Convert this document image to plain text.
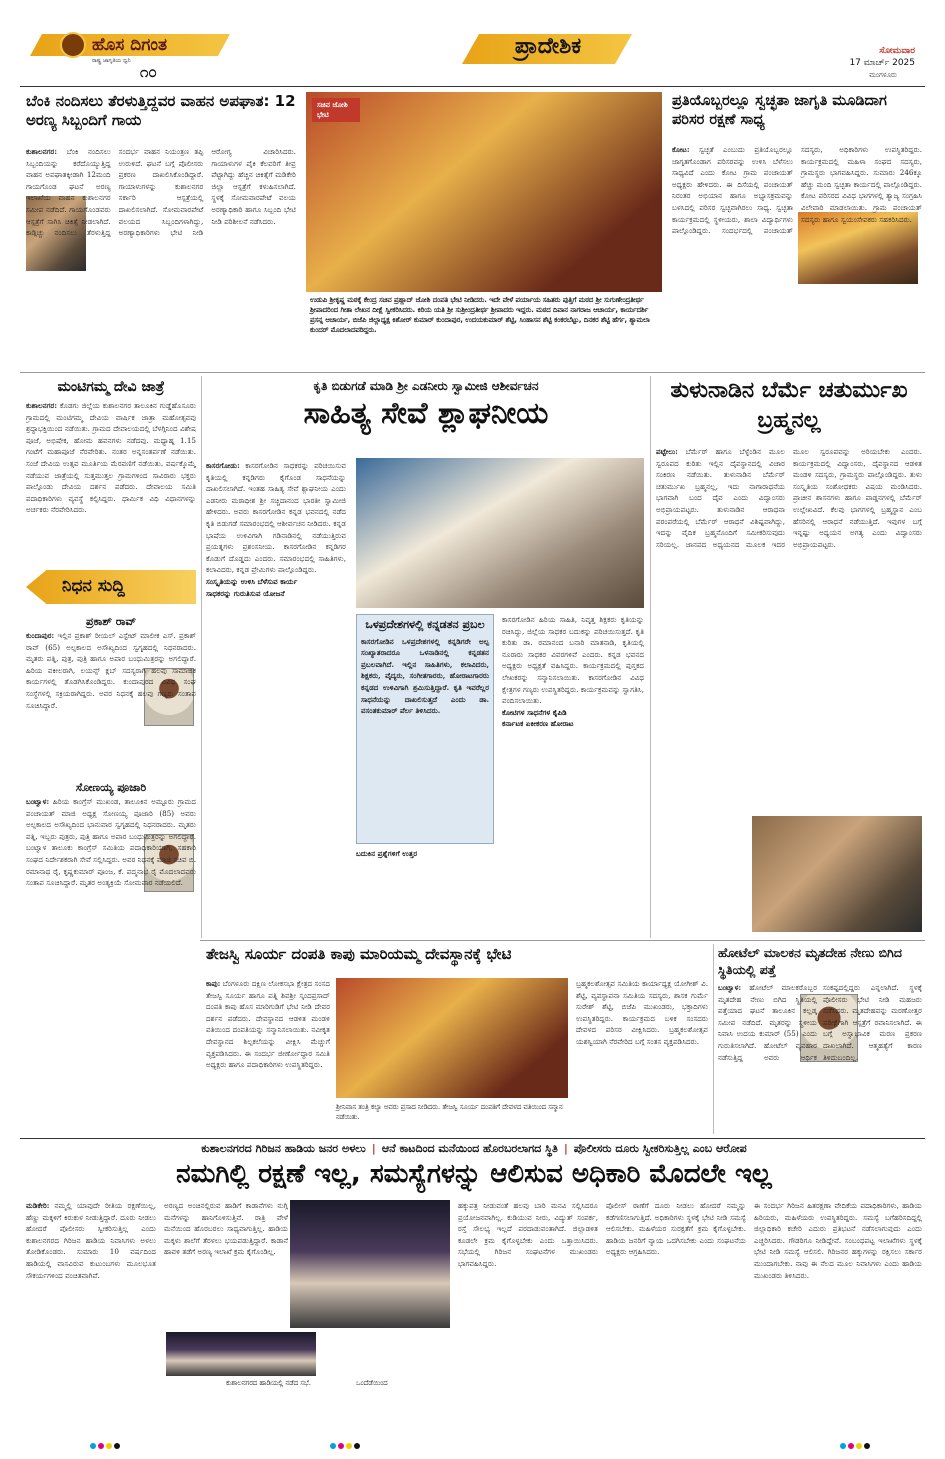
ಹೊಸ ದಿಗಂತ
ರಾಷ್ಟ್ರ ಜಾಗೃತಿಯ ಧ್ವನಿ
೧೦
ಪ್ರಾದೇಶಿಕ	ಸೋಮವಾರ
17 ಮಾರ್ಚ್ 2025
ಮಂಗಳೂರು
ಬೆಂಕಿ ನಂದಿಸಲು ತೆರಳುತ್ತಿದ್ದವರ ವಾಹನ ಅಪಘಾತ: 12 ಅರಣ್ಯ ಸಿಬ್ಬಂದಿಗೆ ಗಾಯ
ಕುಶಾಲನಗರ: ಬೆಂಕಿ ನಂದಿಸಲು ಸಿಬ್ಬಂದಿಯನ್ನು ಕರೆದೊಯ್ಯುತ್ತಿದ್ದ ವಾಹನ ಅಪಘಾತಕ್ಕೀಡಾಗಿ 12ಮಂದಿ ಗಾಯಗೊಂಡ ಘಟನೆ ಅರಣ್ಯ ಇಲಾಖೆಯ ವಾಹನ ಕುಶಾಲನಗರ ಸಮೀಪ ನಡೆದಿದೆ. ಗಾಯಗೊಂಡವರು ಆಸ್ಪತ್ರೆಗೆ ಸಾಗಿಸಿ ಚಿಕಿತ್ಸೆ ನೀಡಲಾಗಿದೆ. ಕಾಡ್ಗಿಚ್ಚು ನಂದಿಸಲು ತೆರಳುತ್ತಿದ್ದ ಸಂದರ್ಭ ವಾಹನ ನಿಯಂತ್ರಣ ತಪ್ಪಿ ಉರುಳಿದೆ. ಘಟನೆ ಬಗ್ಗೆ ಪೊಲೀಸರು ಪ್ರಕರಣ ದಾಖಲಿಸಿಕೊಂಡಿದ್ದಾರೆ. ಗಾಯಾಳುಗಳನ್ನು ಕುಶಾಲನಗರ ಸರ್ಕಾರಿ ಆಸ್ಪತ್ರೆಯಲ್ಲಿ ದಾಖಲಿಸಲಾಗಿದೆ. ಸೋಮವಾರಪೇಟೆ ವಲಯದ ಸಿಬ್ಬಂದಿಗಳಾಗಿದ್ದು, ಅರಣ್ಯಾಧಿಕಾರಿಗಳು ಭೇಟಿ ನೀಡಿ ಆರೋಗ್ಯ ವಿಚಾರಿಸಿದರು. ಗಾಯಾಳುಗಳ ಪೈಕಿ ಕೆಲವರಿಗೆ ತೀವ್ರ ಪೆಟ್ಟಾಗಿದ್ದು ಹೆಚ್ಚಿನ ಚಿಕಿತ್ಸೆಗೆ ಮಡಿಕೇರಿ ಜಿಲ್ಲಾ ಆಸ್ಪತ್ರೆಗೆ ಕಳುಹಿಸಲಾಗಿದೆ. ಸ್ಥಳಕ್ಕೆ ಸೋಮವಾರಪೇಟೆ ವಲಯ ಅರಣ್ಯಾಧಿಕಾರಿ ಹಾಗೂ ಸಿಬ್ಬಂದಿ ಭೇಟಿ ನೀಡಿ ಪರಿಶೀಲನೆ ನಡೆಸಿದರು.
ಸಚಿವ ಜೋಶಿ ಭೇಟಿ
ಉಡುಪಿ ಶ್ರೀಕೃಷ್ಣ ಮಠಕ್ಕೆ ಕೇಂದ್ರ ಸಚಿವ ಪ್ರಹ್ಲಾದ್ ಜೋಶಿ ದಂಪತಿ ಭೇಟಿ ನೀಡಿದರು. ಇದೇ ವೇಳೆ ಪರ್ಯಾಯ ಸಹಿತರು ಪುತ್ತಿಗೆ ಮಠದ ಶ್ರೀ ಸುಗುಣೇಂದ್ರತೀರ್ಥ ಶ್ರೀಪಾದರಿಂದ ಗೀತಾ ಲೇಖನ ದೀಕ್ಷೆ ಸ್ವೀಕರಿಸಿದರು. ಕಿರಿಯ ಯತಿ ಶ್ರೀ ಸುಶ್ರೀಂದ್ರತೀರ್ಥ ಶ್ರೀಪಾದರು ಇದ್ದರು. ಮಠದ ದಿವಾನ ನಾಗರಾಜ ಆಚಾರ್ಯ, ಕಾರ್ಯದರ್ಶಿ ಪ್ರಸನ್ನ ಆಚಾರ್ಯ, ಬಿಜೆಪಿ ಜಿಲ್ಲಾಧ್ಯಕ್ಷ ಕಿಶೋರ್ ಕುಮಾರ್ ಕುಂದಾಪುರ, ಉದಯಕುಮಾರ್ ಶೆಟ್ಟಿ, ಸಿಂಹಾಸನ ಶೆಟ್ಟಿ ಕಂಕರಬೆಟ್ಟು, ದಿನಕರ ಶೆಟ್ಟಿ ಹೆರ್ಗ, ಶ್ಯಾಮಲಾ ಕುಂದರ್ ಮೊದಲಾದವರಿದ್ದರು.
ಪ್ರತಿಯೊಬ್ಬರಲ್ಲೂ ಸ್ವಚ್ಛತಾ ಜಾಗೃತಿ ಮೂಡಿದಾಗ ಪರಿಸರ ರಕ್ಷಣೆ ಸಾಧ್ಯ
ಕೋಟ: ಸ್ವಚ್ಛತೆ ಎಂಬುದು ಪ್ರತಿಯೊಬ್ಬರಲ್ಲೂ ಜಾಗೃತಗೊಂಡಾಗ ಪರಿಸರವನ್ನು ಉಳಿಸಿ ಬೆಳೆಸಲು ಸಾಧ್ಯವಿದೆ ಎಂದು ಕೋಟ ಗ್ರಾಮ ಪಂಚಾಯತ್ ಅಧ್ಯಕ್ಷರು ಹೇಳಿದರು. ಈ ದಿಸೆಯಲ್ಲಿ ಪಂಚಾಯತ್ ನಿರಂತರ ಅಭಿಯಾನ ಹಾಗೂ ಅಭ್ಯಾಸಕ್ರಮವನ್ನು ಬಳಸಿದಲ್ಲಿ ಪರಿಸರ ಸ್ವಚ್ಛವಾಗಿರಲು ಸಾಧ್ಯ. ಸ್ವಚ್ಛತಾ ಕಾರ್ಯಕ್ರಮದಲ್ಲಿ ಸ್ಥಳೀಯರು, ಶಾಲಾ ವಿದ್ಯಾರ್ಥಿಗಳು ಪಾಲ್ಗೊಂಡಿದ್ದರು. ಸಂದರ್ಭದಲ್ಲಿ ಪಂಚಾಯತ್ ಸದಸ್ಯರು, ಅಧಿಕಾರಿಗಳು ಉಪಸ್ಥಿತರಿದ್ದರು. ಕಾರ್ಯಕ್ರಮದಲ್ಲಿ ಮಹಿಳಾ ಸಂಘದ ಸದಸ್ಯರು, ಗ್ರಾಮಸ್ಥರು ಭಾಗವಹಿಸಿದ್ದರು. ಸುಮಾರು 246ಕ್ಕೂ ಹೆಚ್ಚು ಮಂದಿ ಸ್ವಚ್ಛತಾ ಕಾರ್ಯದಲ್ಲಿ ಪಾಲ್ಗೊಂಡಿದ್ದರು. ಕೋಟ ಪರಿಸರದ ವಿವಿಧ ಭಾಗಗಳಲ್ಲಿ ತ್ಯಾಜ್ಯ ಸಂಗ್ರಹಿಸಿ ವಿಲೇವಾರಿ ಮಾಡಲಾಯಿತು. ಗ್ರಾಮ ಪಂಚಾಯತ್ ಸದಸ್ಯರು ಹಾಗೂ ಸ್ವಯಂಸೇವಕರು ಸಹಕರಿಸಿದರು.
ಮಂಟಿಗಮ್ಮ ದೇವಿ ಜಾತ್ರೆ
ಕುಶಾಲನಗರ: ಕೊಡಗು ಜಿಲ್ಲೆಯ ಕುಶಾಲನಗರ ತಾಲೂಕಿನ ಗುಡ್ಡೆಹೊಸೂರು ಗ್ರಾಮದಲ್ಲಿ ಮಂಟಿಗಮ್ಮ ದೇವಿಯ ವಾರ್ಷಿಕ ಜಾತ್ರಾ ಮಹೋತ್ಸವವು ಶ್ರದ್ಧಾಭಕ್ತಿಯಿಂದ ನಡೆಯಿತು. ಗ್ರಾಮದ ದೇವಾಲಯದಲ್ಲಿ ಬೆಳಗ್ಗಿನಿಂದ ವಿಶೇಷ ಪೂಜೆ, ಅಭಿಷೇಕ, ಹೋಮ ಹವನಗಳು ನಡೆದವು. ಮಧ್ಯಾಹ್ನ 1.15 ಗಂಟೆಗೆ ಮಹಾಪೂಜೆ ನೆರವೇರಿತು. ನಂತರ ಅನ್ನಸಂತರ್ಪಣೆ ನಡೆಯಿತು. ಸಂಜೆ ದೇವಿಯ ಉತ್ಸವ ಮೂರ್ತಿಯ ಮೆರವಣಿಗೆ ನಡೆಯಿತು. ವರ್ಷಕ್ಕೊಮ್ಮೆ ನಡೆಯುವ ಜಾತ್ರೆಯಲ್ಲಿ ಸುತ್ತಮುತ್ತಲ ಗ್ರಾಮಗಳಿಂದ ಸಾವಿರಾರು ಭಕ್ತರು ಪಾಲ್ಗೊಂಡು ದೇವಿಯ ದರ್ಶನ ಪಡೆದರು. ದೇವಾಲಯ ಸಮಿತಿ ಪದಾಧಿಕಾರಿಗಳು ವ್ಯವಸ್ಥೆ ಕಲ್ಪಿಸಿದ್ದರು. ಧಾರ್ಮಿಕ ವಿಧಿ ವಿಧಾನಗಳನ್ನು ಅರ್ಚಕರು ನೆರವೇರಿಸಿದರು.
ನಿಧನ ಸುದ್ದಿ
ಪ್ರಕಾಶ್ ರಾವ್
ಕುಂದಾಪುರ: ಇಲ್ಲಿನ ಪ್ರಕಾಶ್ ರೀಯಲ್ ಎಸ್ಟೇಟ್ ಮಾಲೀಕ ಎಸ್. ಪ್ರಕಾಶ್ ರಾವ್ (65) ಅಲ್ಪಕಾಲದ ಅಸೌಖ್ಯದಿಂದ ಸ್ವಗೃಹದಲ್ಲಿ ನಿಧನರಾದರು. ಮೃತರು ಪತ್ನಿ, ಪುತ್ರ, ಪುತ್ರಿ ಹಾಗೂ ಅಪಾರ ಬಂಧುಮಿತ್ರರನ್ನು ಅಗಲಿದ್ದಾರೆ. ಹಿರಿಯ ವಕೀಲರಾಗಿ, ಲಯನ್ಸ್ ಕ್ಲಬ್ ಸದಸ್ಯರಾಗಿ ಹಲವು ಸಾಮಾಜಿಕ ಕಾರ್ಯಗಳಲ್ಲಿ ತೊಡಗಿಸಿಕೊಂಡಿದ್ದರು. ಕುಂದಾಪುರದ ವಿವಿಧ ಸಂಘ ಸಂಸ್ಥೆಗಳಲ್ಲಿ ಸಕ್ರಿಯರಾಗಿದ್ದರು. ಅವರ ನಿಧನಕ್ಕೆ ಹಲವು ಗಣ್ಯರು ಸಂತಾಪ ಸೂಚಿಸಿದ್ದಾರೆ.
ಸೋಣಯ್ಯ ಪೂಜಾರಿ
ಬಂಟ್ವಾಳ: ಹಿರಿಯ ಕಾಂಗ್ರೆಸ್ ಮುಖಂಡ, ತಾಲೂಕಿನ ಅಮ್ಟೂರು ಗ್ರಾಮದ ಪಂಚಾಯತ್ ಮಾಜಿ ಅಧ್ಯಕ್ಷ ಸೋಣಯ್ಯ ಪೂಜಾರಿ (85) ಅವರು ಅಲ್ಪಕಾಲದ ಅಸೌಖ್ಯದಿಂದ ಭಾನುವಾರ ಸ್ವಗೃಹದಲ್ಲಿ ನಿಧನರಾದರು. ಮೃತರು ಪತ್ನಿ, ಇಬ್ಬರು ಪುತ್ರರು, ಪುತ್ರಿ ಹಾಗೂ ಅಪಾರ ಬಂಧುಮಿತ್ರರನ್ನು ಅಗಲಿದ್ದಾರೆ. ಬಂಟ್ವಾಳ ತಾಲೂಕು ಕಾಂಗ್ರೆಸ್ ಸಮಿತಿಯ ಪದಾಧಿಕಾರಿಯಾಗಿ, ಸಹಕಾರಿ ಸಂಘದ ನಿರ್ದೇಶಕರಾಗಿ ಸೇವೆ ಸಲ್ಲಿಸಿದ್ದರು. ಅವರ ನಿಧನಕ್ಕೆ ಮಾಜಿ ಸಚಿವ ಬಿ. ರಮಾನಾಥ ರೈ, ಕೃಷ್ಣಕುಮಾರ್ ಪೂಂಜ, ಕೆ. ಪದ್ಮನಾಭ ರೈ ಮೊದಲಾದವರು ಸಂತಾಪ ಸೂಚಿಸಿದ್ದಾರೆ. ಮೃತರ ಅಂತ್ಯಕ್ರಿಯೆ ಸೋಮವಾರ ನಡೆಯಲಿದೆ.
ಕೃತಿ ಬಿಡುಗಡೆ ಮಾಡಿ ಶ್ರೀ ಎಡನೀರು ಸ್ವಾಮೀಜಿ ಆಶೀರ್ವಚನ
ಸಾಹಿತ್ಯ ಸೇವೆ ಶ್ಲಾಘನೀಯ
ಕಾಸರಗೋಡು: ಕಾಸರಗೋಡಿನ ಸಾಧಕರನ್ನು ಪರಿಚಯಿಸುವ ಕೃತಿಯಲ್ಲಿ ಕನ್ನಡಿಗರು ಕೈಗೊಂಡ ಸಾಧನೆಯನ್ನು ದಾಖಲಿಸಲಾಗಿದೆ. ಇಂತಹ ಸಾಹಿತ್ಯ ಸೇವೆ ಶ್ಲಾಘನೀಯ ಎಂದು ಎಡನೀರು ಮಠಾಧೀಶ ಶ್ರೀ ಸಚ್ಚಿದಾನಂದ ಭಾರತೀ ಸ್ವಾಮೀಜಿ ಹೇಳಿದರು. ಅವರು ಕಾಸರಗೋಡಿನ ಕನ್ನಡ ಭವನದಲ್ಲಿ ನಡೆದ ಕೃತಿ ಬಿಡುಗಡೆ ಸಮಾರಂಭದಲ್ಲಿ ಆಶೀರ್ವಚನ ನೀಡಿದರು. ಕನ್ನಡ ಭಾಷೆಯ ಉಳಿವಿಗಾಗಿ ಗಡಿನಾಡಿನಲ್ಲಿ ನಡೆಯುತ್ತಿರುವ ಪ್ರಯತ್ನಗಳು ಪ್ರಶಂಸನೀಯ. ಕಾಸರಗೋಡಿನ ಕನ್ನಡಿಗರ ಕೊಡುಗೆ ದೊಡ್ಡದು ಎಂದರು. ಸಮಾರಂಭದಲ್ಲಿ ಸಾಹಿತಿಗಳು, ಕಲಾವಿದರು, ಕನ್ನಡ ಪ್ರೇಮಿಗಳು ಪಾಲ್ಗೊಂಡಿದ್ದರು.
ಸಂಸ್ಕೃತಿಯನ್ನು ಉಳಿಸಿ ಬೆಳೆಸುವ ಕಾರ್ಯ
ಸಾಧಕರನ್ನು ಗುರುತಿಸುವ ಯೋಜನೆ
ಒಳಪ್ರದೇಶಗಳಲ್ಲಿ ಕನ್ನಡತನ ಪ್ರಬಲ
ಕಾಸರಗೋಡಿನ ಒಳಪ್ರದೇಶಗಳಲ್ಲಿ ಕನ್ನಡಿಗರೇ ಅಲ್ಪ ಸಂಖ್ಯಾತರಾದರೂ ಒಳನಾಡಿನಲ್ಲಿ ಕನ್ನಡತನ ಪ್ರಬಲವಾಗಿದೆ. ಇಲ್ಲಿನ ಸಾಹಿತಿಗಳು, ಕಲಾವಿದರು, ಶಿಕ್ಷಕರು, ವೈದ್ಯರು, ಸಂಗೀತಗಾರರು, ಹೋರಾಟಗಾರರು ಕನ್ನಡದ ಉಳಿವಿಗಾಗಿ ಶ್ರಮಿಸುತ್ತಿದ್ದಾರೆ. ಕೃತಿ ಇವರೆಲ್ಲರ ಸಾಧನೆಯನ್ನು ದಾಖಲಿಸುತ್ತದೆ ಎಂದು ಡಾ. ವಸಂತಕುಮಾರ್ ಪೆರ್ಲ ತಿಳಿಸಿದರು.
ಕಾಸರಗೋಡಿನ ಹಿರಿಯ ಸಾಹಿತಿ, ನಿವೃತ್ತ ಶಿಕ್ಷಕರು ಕೃತಿಯನ್ನು ರಚಿಸಿದ್ದು, ಜಿಲ್ಲೆಯ ಸಾಧಕರ ಬದುಕನ್ನು ಪರಿಚಯಿಸುತ್ತದೆ. ಕೃತಿ ಕುರಿತು ಡಾ. ರಮಾನಂದ ಬನಾರಿ ಮಾತನಾಡಿ, ಕೃತಿಯಲ್ಲಿ ನೂರಾರು ಸಾಧಕರ ವಿವರಗಳಿವೆ ಎಂದರು. ಕನ್ನಡ ಭವನದ ಅಧ್ಯಕ್ಷರು ಅಧ್ಯಕ್ಷತೆ ವಹಿಸಿದ್ದರು. ಕಾರ್ಯಕ್ರಮದಲ್ಲಿ ಪುಸ್ತಕದ ಲೇಖಕರನ್ನು ಸನ್ಮಾನಿಸಲಾಯಿತು. ಕಾಸರಗೋಡಿನ ವಿವಿಧ ಕ್ಷೇತ್ರಗಳ ಗಣ್ಯರು ಉಪಸ್ಥಿತರಿದ್ದರು. ಕಾರ್ಯಕ್ರಮವನ್ನು ಸ್ವಾಗತಿಸಿ, ವಂದಿಸಲಾಯಿತು.
ಕೋಟಿಗಳ ಸಾಧನೆಗಳ ಕೈಪಿಡಿ
ಕರ್ನಾಟಕ ಏಕೀಕರಣ ಹೋರಾಟ
ಬದುಕಿನ ಪ್ರಶ್ನೆಗಳಿಗೆ ಉತ್ತರ
ತುಳುನಾಡಿನ ಬೆರ್ಮೆ ಚತುರ್ಮುಖ ಬ್ರಹ್ಮನಲ್ಲ
ಪಟ್ಟೇಲು: ಬೆರ್ಮೆರ್ ಹಾಗೂ ಬೆಳ್ಳೆಂಡಿನ ಮೂಲ ಸ್ವರೂಪದ ಕುರಿತು ಇಲ್ಲಿನ ದೈವಸ್ಥಾನದಲ್ಲಿ ವಿಚಾರ ಸಂಕಿರಣ ನಡೆಯಿತು. ತುಳುನಾಡಿನ ಬೆರ್ಮೆರ್ ಚತುರ್ಮುಖ ಬ್ರಹ್ಮನಲ್ಲ, ಇದು ನಾಗಾರಾಧನೆಯ ಭಾಗವಾಗಿ ಬಂದ ದೈವ ಎಂದು ವಿದ್ವಾಂಸರು ಅಭಿಪ್ರಾಯಪಟ್ಟರು. ತುಳುನಾಡಿನ ಆರಾಧನಾ ಪರಂಪರೆಯಲ್ಲಿ ಬೆರ್ಮೆರ್ ಆರಾಧನೆ ವಿಶಿಷ್ಟವಾಗಿದ್ದು, ಇದನ್ನು ವೈದಿಕ ಬ್ರಹ್ಮನೊಂದಿಗೆ ಸಮೀಕರಿಸುವುದು ಸರಿಯಲ್ಲ. ಜಾನಪದ ಅಧ್ಯಯನದ ಮೂಲಕ ಇದರ ಮೂಲ ಸ್ವರೂಪವನ್ನು ಅರಿಯಬೇಕು ಎಂದರು. ಕಾರ್ಯಕ್ರಮದಲ್ಲಿ ವಿದ್ವಾಂಸರು, ದೈವಸ್ಥಾನದ ಆಡಳಿತ ಮಂಡಳಿ ಸದಸ್ಯರು, ಗ್ರಾಮಸ್ಥರು ಪಾಲ್ಗೊಂಡಿದ್ದರು. ತುಳು ಸಂಸ್ಕೃತಿಯ ಸಂಶೋಧಕರು ವಿಷಯ ಮಂಡಿಸಿದರು. ಪ್ರಾಚೀನ ಶಾಸನಗಳು ಹಾಗೂ ಪಾಡ್ದನಗಳಲ್ಲಿ ಬೆರ್ಮೆರ್ ಉಲ್ಲೇಖವಿದೆ. ಕೆಲವು ಭಾಗಗಳಲ್ಲಿ ಬ್ರಹ್ಮಸ್ಥಾನ ಎಂಬ ಹೆಸರಿನಲ್ಲಿ ಆರಾಧನೆ ನಡೆಯುತ್ತಿದೆ. ಇವುಗಳ ಬಗ್ಗೆ ಇನ್ನಷ್ಟು ಅಧ್ಯಯನ ಅಗತ್ಯ ಎಂದು ವಿದ್ವಾಂಸರು ಅಭಿಪ್ರಾಯಪಟ್ಟರು.
ತೇಜಸ್ವಿ ಸೂರ್ಯ ದಂಪತಿ ಕಾಪು ಮಾರಿಯಮ್ಮ ದೇವಸ್ಥಾನಕ್ಕೆ ಭೇಟಿ
ಕಾಪು: ಬೆಂಗಳೂರು ದಕ್ಷಿಣ ಲೋಕಸಭಾ ಕ್ಷೇತ್ರದ ಸಂಸದ ತೇಜಸ್ವಿ ಸೂರ್ಯ ಹಾಗೂ ಪತ್ನಿ ಶಿವಶ್ರೀ ಸ್ಕಂದಪ್ರಸಾದ್ ದಂಪತಿ ಕಾಪು ಹೊಸ ಮಾರಿಗುಡಿಗೆ ಭೇಟಿ ನೀಡಿ ದೇವರ ದರ್ಶನ ಪಡೆದರು. ದೇವಸ್ಥಾನದ ಆಡಳಿತ ಮಂಡಳಿ ವತಿಯಿಂದ ದಂಪತಿಯನ್ನು ಸನ್ಮಾನಿಸಲಾಯಿತು. ನವೀಕೃತ ದೇವಸ್ಥಾನದ ಶಿಲ್ಪಕಲೆಯನ್ನು ವೀಕ್ಷಿಸಿ ಮೆಚ್ಚುಗೆ ವ್ಯಕ್ತಪಡಿಸಿದರು. ಈ ಸಂದರ್ಭ ಜೀರ್ಣೋದ್ಧಾರ ಸಮಿತಿ ಅಧ್ಯಕ್ಷರು ಹಾಗೂ ಪದಾಧಿಕಾರಿಗಳು ಉಪಸ್ಥಿತರಿದ್ದರು.
ಶ್ರೀನಿವಾಸ ತಂತ್ರಿ ಕಲ್ಯಾ ಅವರು ಪ್ರಸಾದ ನೀಡಿದರು. ತೇಜಸ್ವಿ ಸೂರ್ಯ ದಂಪತಿಗೆ ದೇವಳದ ವತಿಯಿಂದ ಸನ್ಮಾನ ನಡೆಯಿತು.
ಬ್ರಹ್ಮಕಲಶೋತ್ಸವ ಸಮಿತಿಯ ಕಾರ್ಯಾಧ್ಯಕ್ಷ ಯೋಗೀಶ್ ವಿ. ಶೆಟ್ಟಿ, ವ್ಯವಸ್ಥಾಪನಾ ಸಮಿತಿಯ ಸದಸ್ಯರು, ಶಾಸಕ ಗುರ್ಮೆ ಸುರೇಶ್ ಶೆಟ್ಟಿ, ಬಿಜೆಪಿ ಮುಖಂಡರು, ಭಕ್ತಾದಿಗಳು ಉಪಸ್ಥಿತರಿದ್ದರು. ಕಾರ್ಯಕ್ರಮದ ಬಳಿಕ ಸಂಸದರು ದೇವಳದ ಪರಿಸರ ವೀಕ್ಷಿಸಿದರು. ಬ್ರಹ್ಮಕಲಶೋತ್ಸವ ಯಶಸ್ವಿಯಾಗಿ ನೆರವೇರಿದ ಬಗ್ಗೆ ಸಂತಸ ವ್ಯಕ್ತಪಡಿಸಿದರು.
ಹೋಟೆಲ್ ಮಾಲಕನ ಮೃತದೇಹ ನೇಣು ಬಿಗಿದ ಸ್ಥಿತಿಯಲ್ಲಿ ಪತ್ತೆ
ಬಂಟ್ವಾಳ: ಹೋಟೆಲ್ ಮಾಲಕರೊಬ್ಬರ ಮೃತದೇಹ ನೇಣು ಬಿಗಿದ ಸ್ಥಿತಿಯಲ್ಲಿ ಪತ್ತೆಯಾದ ಘಟನೆ ತಾಲೂಕಿನ ಕಲ್ಲಡ್ಕ ಸಮೀಪ ನಡೆದಿದೆ. ಮೃತರನ್ನು ಸ್ಥಳೀಯ ನಿವಾಸಿ ಉದಯ ಕುಮಾರ್ (55) ಎಂದು ಗುರುತಿಸಲಾಗಿದೆ. ಹೋಟೆಲ್ ವ್ಯವಹಾರ ನಡೆಸುತ್ತಿದ್ದ ಅವರು ಆರ್ಥಿಕ ಸಂಕಷ್ಟದಲ್ಲಿದ್ದರು ಎನ್ನಲಾಗಿದೆ. ಸ್ಥಳಕ್ಕೆ ಪೊಲೀಸರು ಭೇಟಿ ನೀಡಿ ಮಹಜರು ನಡೆಸಿದರು. ಮೃತದೇಹವನ್ನು ಮರಣೋತ್ತರ ಪರೀಕ್ಷೆಗಾಗಿ ಆಸ್ಪತ್ರೆಗೆ ರವಾನಿಸಲಾಗಿದೆ. ಈ ಬಗ್ಗೆ ಅಸ್ವಾಭಾವಿಕ ಮರಣ ಪ್ರಕರಣ ದಾಖಲಾಗಿದೆ. ಆತ್ಮಹತ್ಯೆಗೆ ಕಾರಣ ತಿಳಿದುಬಂದಿಲ್ಲ.
ಕುಶಾಲನಗರದ ಗಿರಿಜನ ಹಾಡಿಯ ಜನರ ಅಳಲು | ಆನೆ ಕಾಟದಿಂದ ಮನೆಯಿಂದ ಹೊರಬರಲಾಗದ ಸ್ಥಿತಿ | ಪೊಲೀಸರು ದೂರು ಸ್ವೀಕರಿಸುತ್ತಿಲ್ಲ ಎಂಬ ಆರೋಪ
ನಮಗಿಲ್ಲಿ ರಕ್ಷಣೆ ಇಲ್ಲ, ಸಮಸ್ಯೆಗಳನ್ನು ಆಲಿಸುವ ಅಧಿಕಾರಿ ಮೊದಲೇ ಇಲ್ಲ
ಮಡಿಕೇರಿ: ನಮ್ಮಲ್ಲಿ ಯಾವುದೇ ರೀತಿಯ ರಕ್ಷಣೆಯಿಲ್ಲ, ಹೆಣ್ಣು ಮಕ್ಕಳಿಗೆ ಕಿರುಕುಳ ನೀಡುತ್ತಿದ್ದಾರೆ. ದೂರು ನೀಡಲು ಹೋದರೆ ಪೊಲೀಸರು ಸ್ವೀಕರಿಸುತ್ತಿಲ್ಲ ಎಂದು ಕುಶಾಲನಗರದ ಗಿರಿಜನ ಹಾಡಿಯ ನಿವಾಸಿಗಳು ಅಳಲು ತೋಡಿಕೊಂಡರು. ಸುಮಾರು 10 ವರ್ಷದಿಂದ ಹಾಡಿಯಲ್ಲಿ ವಾಸವಿರುವ ಕುಟುಂಬಗಳು ಮೂಲಭೂತ ಸೌಕರ್ಯಗಳಿಂದ ವಂಚಿತವಾಗಿವೆ.
ಅರಣ್ಯದ ಅಂಚಿನಲ್ಲಿರುವ ಹಾಡಿಗೆ ಕಾಡಾನೆಗಳು ನುಗ್ಗಿ ಮನೆಗಳನ್ನು ಹಾನಿಗೊಳಿಸುತ್ತಿವೆ. ರಾತ್ರಿ ವೇಳೆ ಮನೆಯಿಂದ ಹೊರಬರಲು ಸಾಧ್ಯವಾಗುತ್ತಿಲ್ಲ. ಹಾಡಿಯ ಮಕ್ಕಳು ಶಾಲೆಗೆ ತೆರಳಲು ಭಯಪಡುತ್ತಿದ್ದಾರೆ. ಕಾಡಾನೆ ಹಾವಳಿ ತಡೆಗೆ ಅರಣ್ಯ ಇಲಾಖೆ ಕ್ರಮ ಕೈಗೊಂಡಿಲ್ಲ.
ಕುಶಾಲನಗರದ ಹಾಡಿಯಲ್ಲಿ ನಡೆದ ಸಭೆ.	ಒಂದೆಡೆಯಿಂದ
ಹಕ್ಕುಪತ್ರ ನೀಡುವಂತೆ ಹಲವು ಬಾರಿ ಮನವಿ ಸಲ್ಲಿಸಿದರೂ ಪ್ರಯೋಜನವಾಗಿಲ್ಲ. ಕುಡಿಯುವ ನೀರು, ವಿದ್ಯುತ್ ಸಂಪರ್ಕ, ರಸ್ತೆ ಸೌಲಭ್ಯ ಇಲ್ಲದೆ ಪರದಾಡುವಂತಾಗಿದೆ. ಜಿಲ್ಲಾಡಳಿತ ಕೂಡಲೇ ಕ್ರಮ ಕೈಗೊಳ್ಳಬೇಕು ಎಂದು ಒತ್ತಾಯಿಸಿದರು. ಸಭೆಯಲ್ಲಿ ಗಿರಿಜನ ಸಂಘಟನೆಗಳ ಮುಖಂಡರು ಭಾಗವಹಿಸಿದ್ದರು.
ಪೊಲೀಸ್ ಠಾಣೆಗೆ ದೂರು ನೀಡಲು ಹೋದರೆ ನಮ್ಮನ್ನು ಕಡೆಗಣಿಸಲಾಗುತ್ತಿದೆ. ಅಧಿಕಾರಿಗಳು ಸ್ಥಳಕ್ಕೆ ಭೇಟಿ ನೀಡಿ ಸಮಸ್ಯೆ ಆಲಿಸಬೇಕು. ಮಹಿಳೆಯರ ಸುರಕ್ಷತೆಗೆ ಕ್ರಮ ಕೈಗೊಳ್ಳಬೇಕು. ಹಾಡಿಯ ಜನರಿಗೆ ನ್ಯಾಯ ಒದಗಿಸಬೇಕು ಎಂದು ಸಂಘಟನೆಯ ಅಧ್ಯಕ್ಷರು ಆಗ್ರಹಿಸಿದರು.
ಈ ಸಂದರ್ಭ ಗಿರಿಜನ ಹಿತರಕ್ಷಣಾ ವೇದಿಕೆಯ ಪದಾಧಿಕಾರಿಗಳು, ಹಾಡಿಯ ಹಿರಿಯರು, ಮಹಿಳೆಯರು ಉಪಸ್ಥಿತರಿದ್ದರು. ಸಮಸ್ಯೆ ಬಗೆಹರಿಸದಿದ್ದಲ್ಲಿ ಜಿಲ್ಲಾಧಿಕಾರಿ ಕಚೇರಿ ಎದುರು ಪ್ರತಿಭಟನೆ ನಡೆಸಲಾಗುವುದು ಎಂದು ಎಚ್ಚರಿಸಿದರು. ಗೌಡರಿಗೂ ನೀಡಿದ್ದೇವೆ. ಸಂಬಂಧಪಟ್ಟ ಇಲಾಖೆಗಳು ಸ್ಥಳಕ್ಕೆ ಭೇಟಿ ನೀಡಿ ಸಮಸ್ಯೆ ಆಲಿಸಲಿ. ಗಿರಿಜನರ ಹಕ್ಕುಗಳನ್ನು ರಕ್ಷಿಸಲು ಸರ್ಕಾರ ಮುಂದಾಗಬೇಕು. ನಾವು ಈ ನೆಲದ ಮೂಲ ನಿವಾಸಿಗಳು ಎಂದು ಹಾಡಿಯ ಮುಖಂಡರು ತಿಳಿಸಿದರು.
